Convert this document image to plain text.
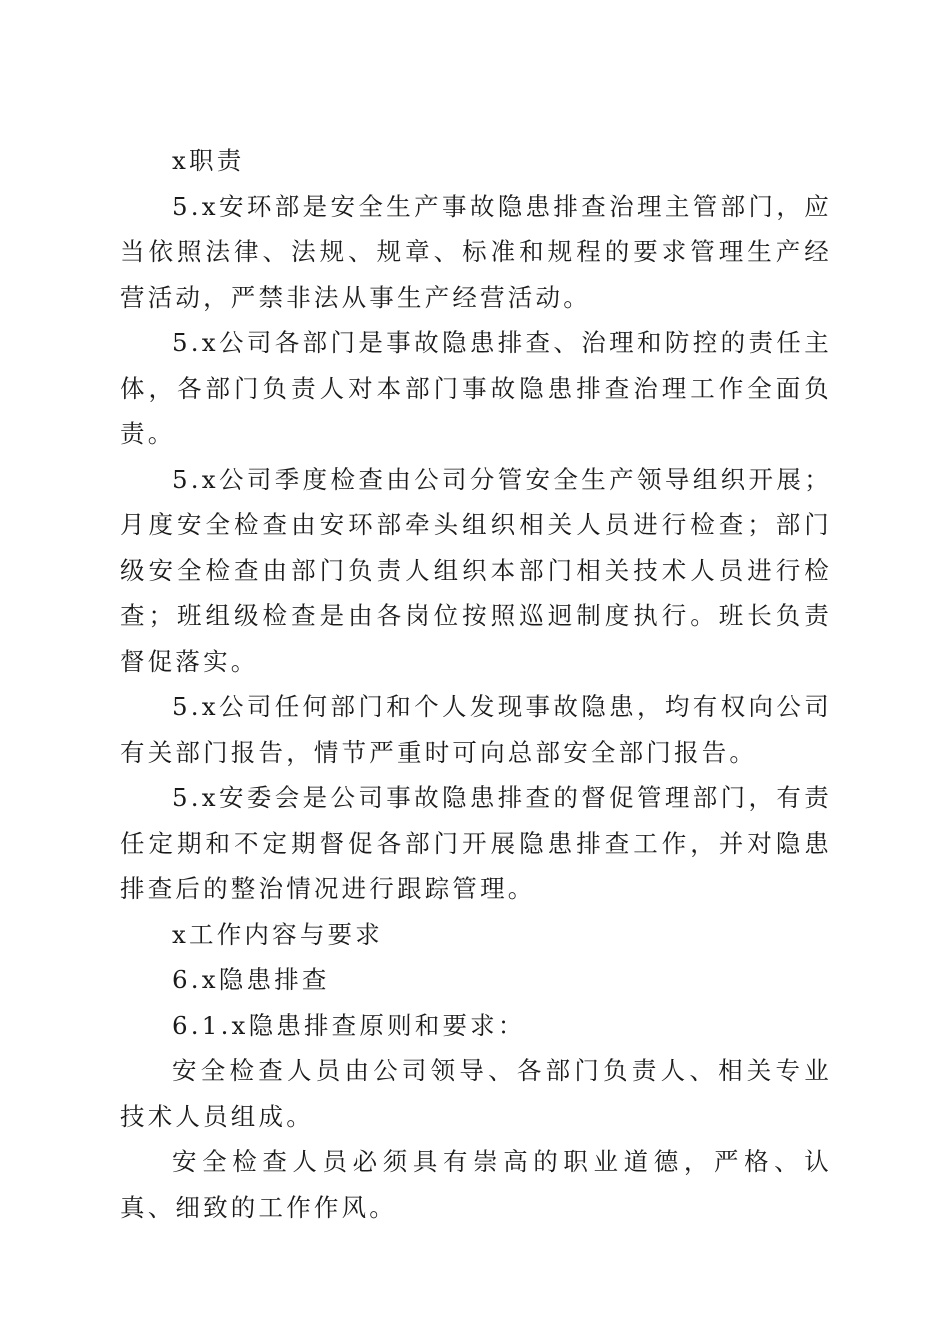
x职责

5.x安环部是安全生产事故隐患排查治理主管部门，应当依照法律、法规、规章、标准和规程的要求管理生产经营活动，严禁非法从事生产经营活动。

5.x公司各部门是事故隐患排查、治理和防控的责任主体，各部门负责人对本部门事故隐患排查治理工作全面负责。

5.x公司季度检查由公司分管安全生产领导组织开展；月度安全检查由安环部牵头组织相关人员进行检查；部门级安全检查由部门负责人组织本部门相关技术人员进行检查；班组级检查是由各岗位按照巡迥制度执行。班长负责督促落实。

5.x公司任何部门和个人发现事故隐患，均有权向公司有关部门报告，情节严重时可向总部安全部门报告。

5.x安委会是公司事故隐患排查的督促管理部门，有责任定期和不定期督促各部门开展隐患排查工作，并对隐患排查后的整治情况进行跟踪管理。

x工作内容与要求

6.x隐患排查

6.1.x隐患排查原则和要求：

安全检查人员由公司领导、各部门负责人、相关专业技术人员组成。

安全检查人员必须具有崇高的职业道德，严格、认真、细致的工作作风。
